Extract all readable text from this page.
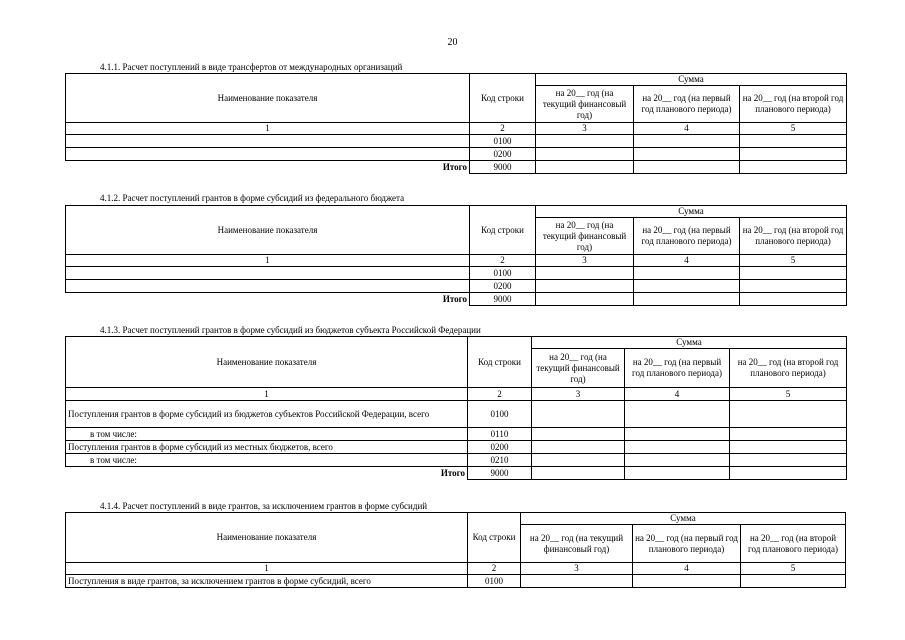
20
4.1.1. Расчет поступлений в виде трансфертов от международных организаций
Наименование показателя	Код строки	Сумма		
		на 20__ год (на текущий финансовый год)	на 20__ год (на первый год планового периода)	на 20__ год (на второй год планового периода)
1	2	3	4	5
	0100			
	0200			
Итого	9000			
4.1.2. Расчет поступлений грантов в форме субсидий из федерального бюджета
Наименование показателя	Код строки	Сумма		
		на 20__ год (на текущий финансовый год)	на 20__ год (на первый год планового периода)	на 20__ год (на второй год планового периода)
1	2	3	4	5
	0100			
	0200			
Итого	9000			
4.1.3. Расчет поступлений грантов в форме субсидий из бюджетов субъекта Российской Федерации
Наименование показателя	Код строки	Сумма		
		на 20__ год (на текущий финансовый год)	на 20__ год (на первый год планового периода)	на 20__ год (на второй год планового периода)
1	2	3	4	5
Поступления грантов в форме субсидий из бюджетов субъектов Российской Федерации, всего	0100			
в том числе:	0110			
Поступления грантов в форме субсидий из местных бюджетов, всего	0200			
в том числе:	0210			
Итого	9000			
4.1.4. Расчет поступлений в виде грантов, за исключением грантов в форме субсидий
Наименование показателя	Код строки	Сумма		
		на 20__ год (на текущий финансовый год)	на 20__ год (на первый год планового периода)	на 20__ год (на второй год планового периода)
1	2	3	4	5
Поступления в виде грантов, за исключением грантов в форме субсидий, всего	0100			
